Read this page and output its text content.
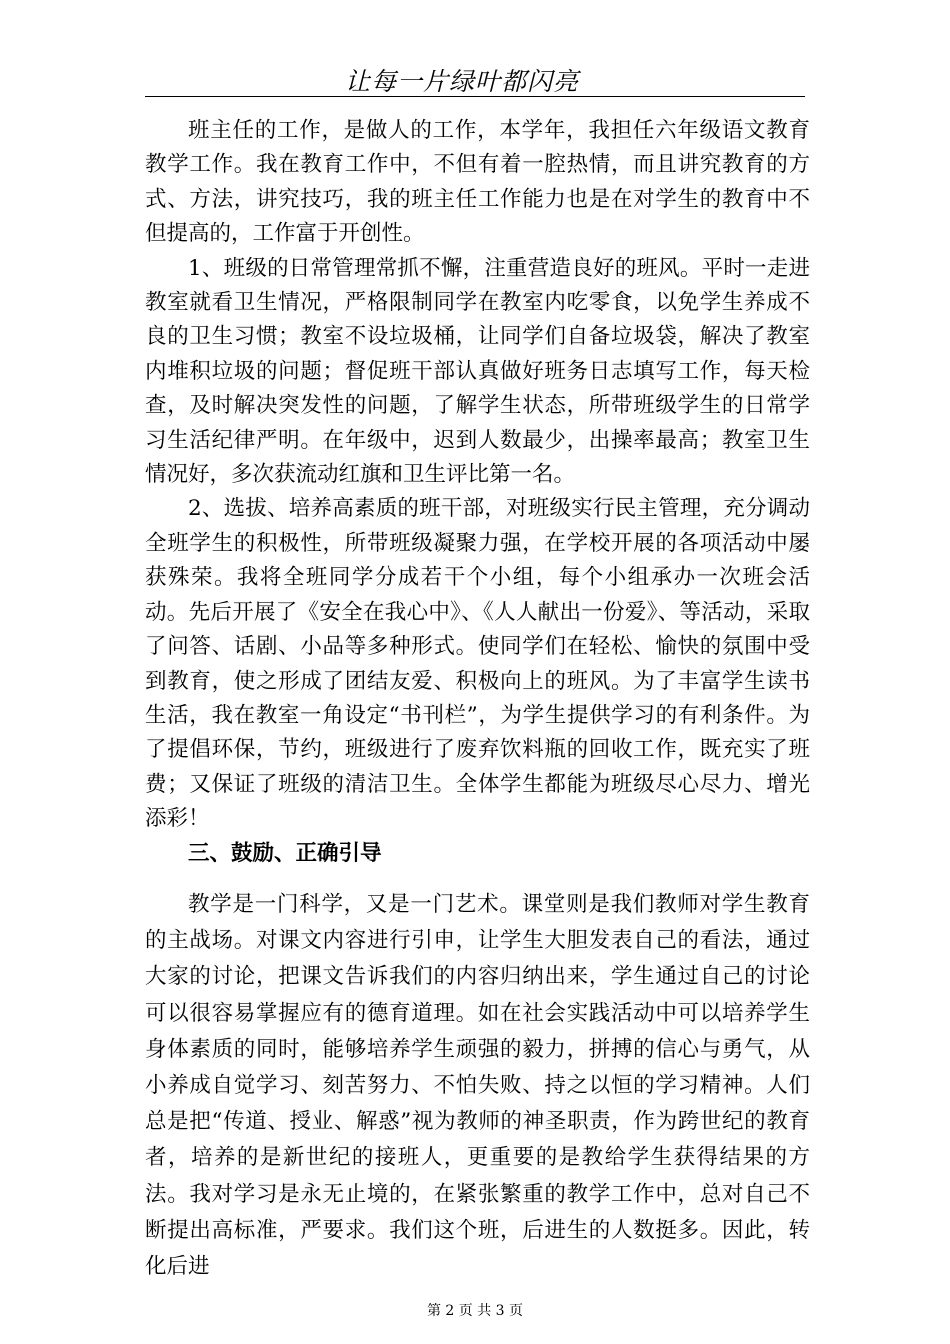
让每一片绿叶都闪亮

班主任的工作，是做人的工作，本学年，我担任六年级语文教育教学工作。我在教育工作中，不但有着一腔热情，而且讲究教育的方式、方法，讲究技巧，我的班主任工作能力也是在对学生的教育中不但提高的，工作富于开创性。

1、班级的日常管理常抓不懈，注重营造良好的班风。平时一走进教室就看卫生情况，严格限制同学在教室内吃零食，以免学生养成不良的卫生习惯；教室不设垃圾桶，让同学们自备垃圾袋，解决了教室内堆积垃圾的问题；督促班干部认真做好班务日志填写工作，每天检查，及时解决突发性的问题，了解学生状态，所带班级学生的日常学习生活纪律严明。在年级中，迟到人数最少，出操率最高；教室卫生情况好，多次获流动红旗和卫生评比第一名。

2、选拔、培养高素质的班干部，对班级实行民主管理，充分调动全班学生的积极性，所带班级凝聚力强，在学校开展的各项活动中屡获殊荣。我将全班同学分成若干个小组，每个小组承办一次班会活动。先后开展了《安全在我心中》、《人人献出一份爱》、等活动，采取了问答、话剧、小品等多种形式。使同学们在轻松、愉快的氛围中受到教育，使之形成了团结友爱、积极向上的班风。为了丰富学生读书生活，我在教室一角设定“书刊栏”，为学生提供学习的有利条件。为了提倡环保，节约，班级进行了废弃饮料瓶的回收工作，既充实了班费；又保证了班级的清洁卫生。全体学生都能为班级尽心尽力、增光添彩！

三、鼓励、正确引导

教学是一门科学，又是一门艺术。课堂则是我们教师对学生教育的主战场。对课文内容进行引申，让学生大胆发表自己的看法，通过大家的讨论，把课文告诉我们的内容归纳出来，学生通过自己的讨论可以很容易掌握应有的德育道理。如在社会实践活动中可以培养学生身体素质的同时，能够培养学生顽强的毅力，拼搏的信心与勇气，从小养成自觉学习、刻苦努力、不怕失败、持之以恒的学习精神。人们总是把“传道、授业、解惑”视为教师的神圣职责，作为跨世纪的教育者，培养的是新世纪的接班人，更重要的是教给学生获得结果的方法。我对学习是永无止境的，在紧张繁重的教学工作中，总对自己不断提出高标准，严要求。我们这个班，后进生的人数挺多。因此，转化后进

第 2 页 共 3 页
